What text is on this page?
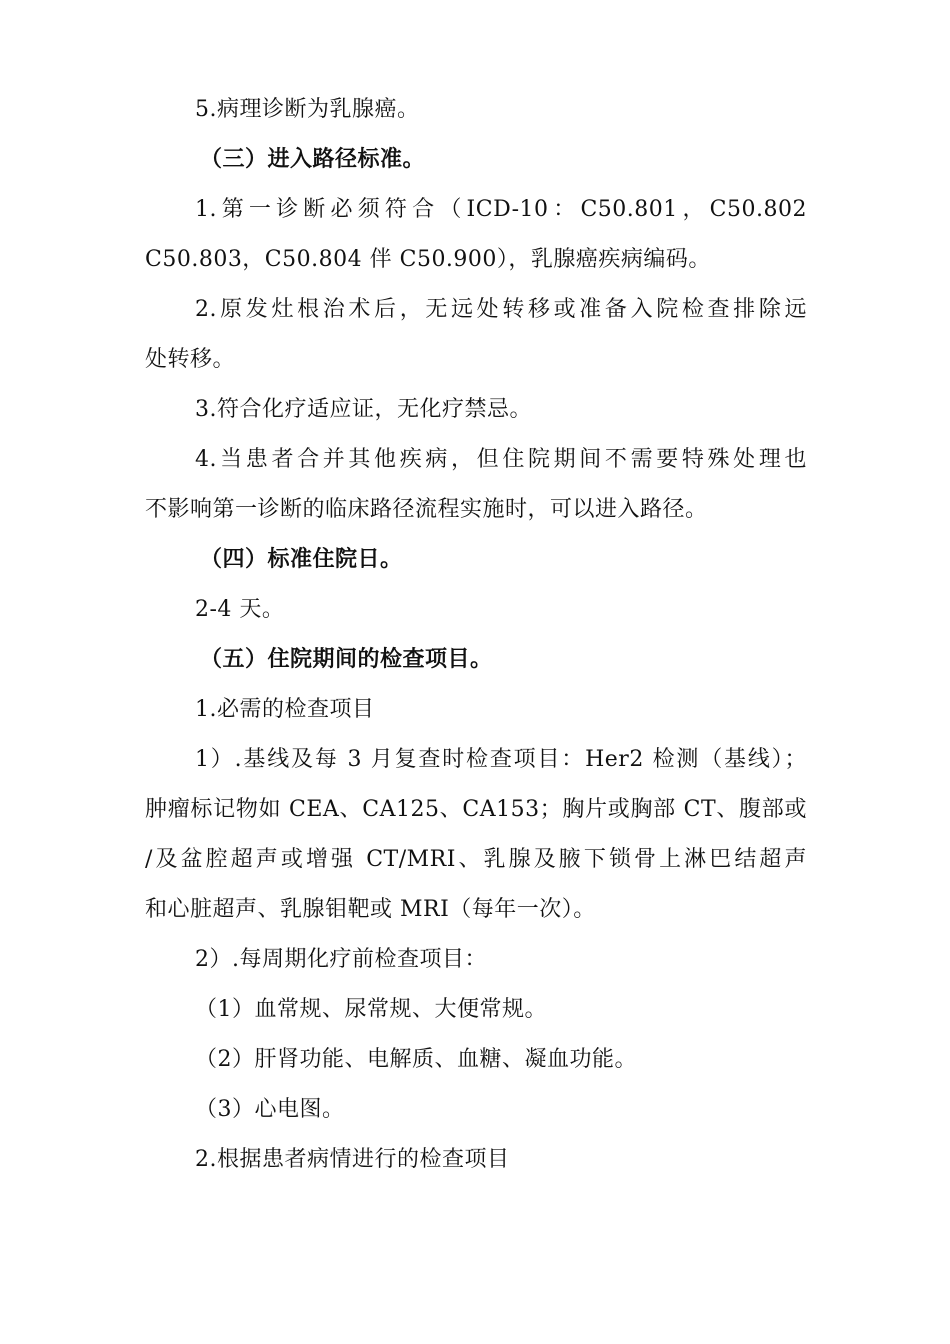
5.病理诊断为乳腺癌。
（三）进入路径标准。
1.第一诊断必须符合（ICD-10：C50.801，C50.802
C50.803，C50.804 伴 C50.900），乳腺癌疾病编码。
2.原发灶根治术后，无远处转移或准备入院检查排除远
处转移。
3.符合化疗适应证，无化疗禁忌。
4.当患者合并其他疾病，但住院期间不需要特殊处理也
不影响第一诊断的临床路径流程实施时，可以进入路径。
（四）标准住院日。
2-4 天。
（五）住院期间的检查项目。
1.必需的检查项目
1）.基线及每 3 月复查时检查项目：Her2 检测（基线）；
肿瘤标记物如 CEA、CA125、CA153；胸片或胸部 CT、腹部或
/及盆腔超声或增强 CT/MRI、乳腺及腋下锁骨上淋巴结超声
和心脏超声、乳腺钼靶或 MRI（每年一次）。
2）.每周期化疗前检查项目：
（1）血常规、尿常规、大便常规。
（2）肝肾功能、电解质、血糖、凝血功能。
（3）心电图。
2.根据患者病情进行的检查项目
